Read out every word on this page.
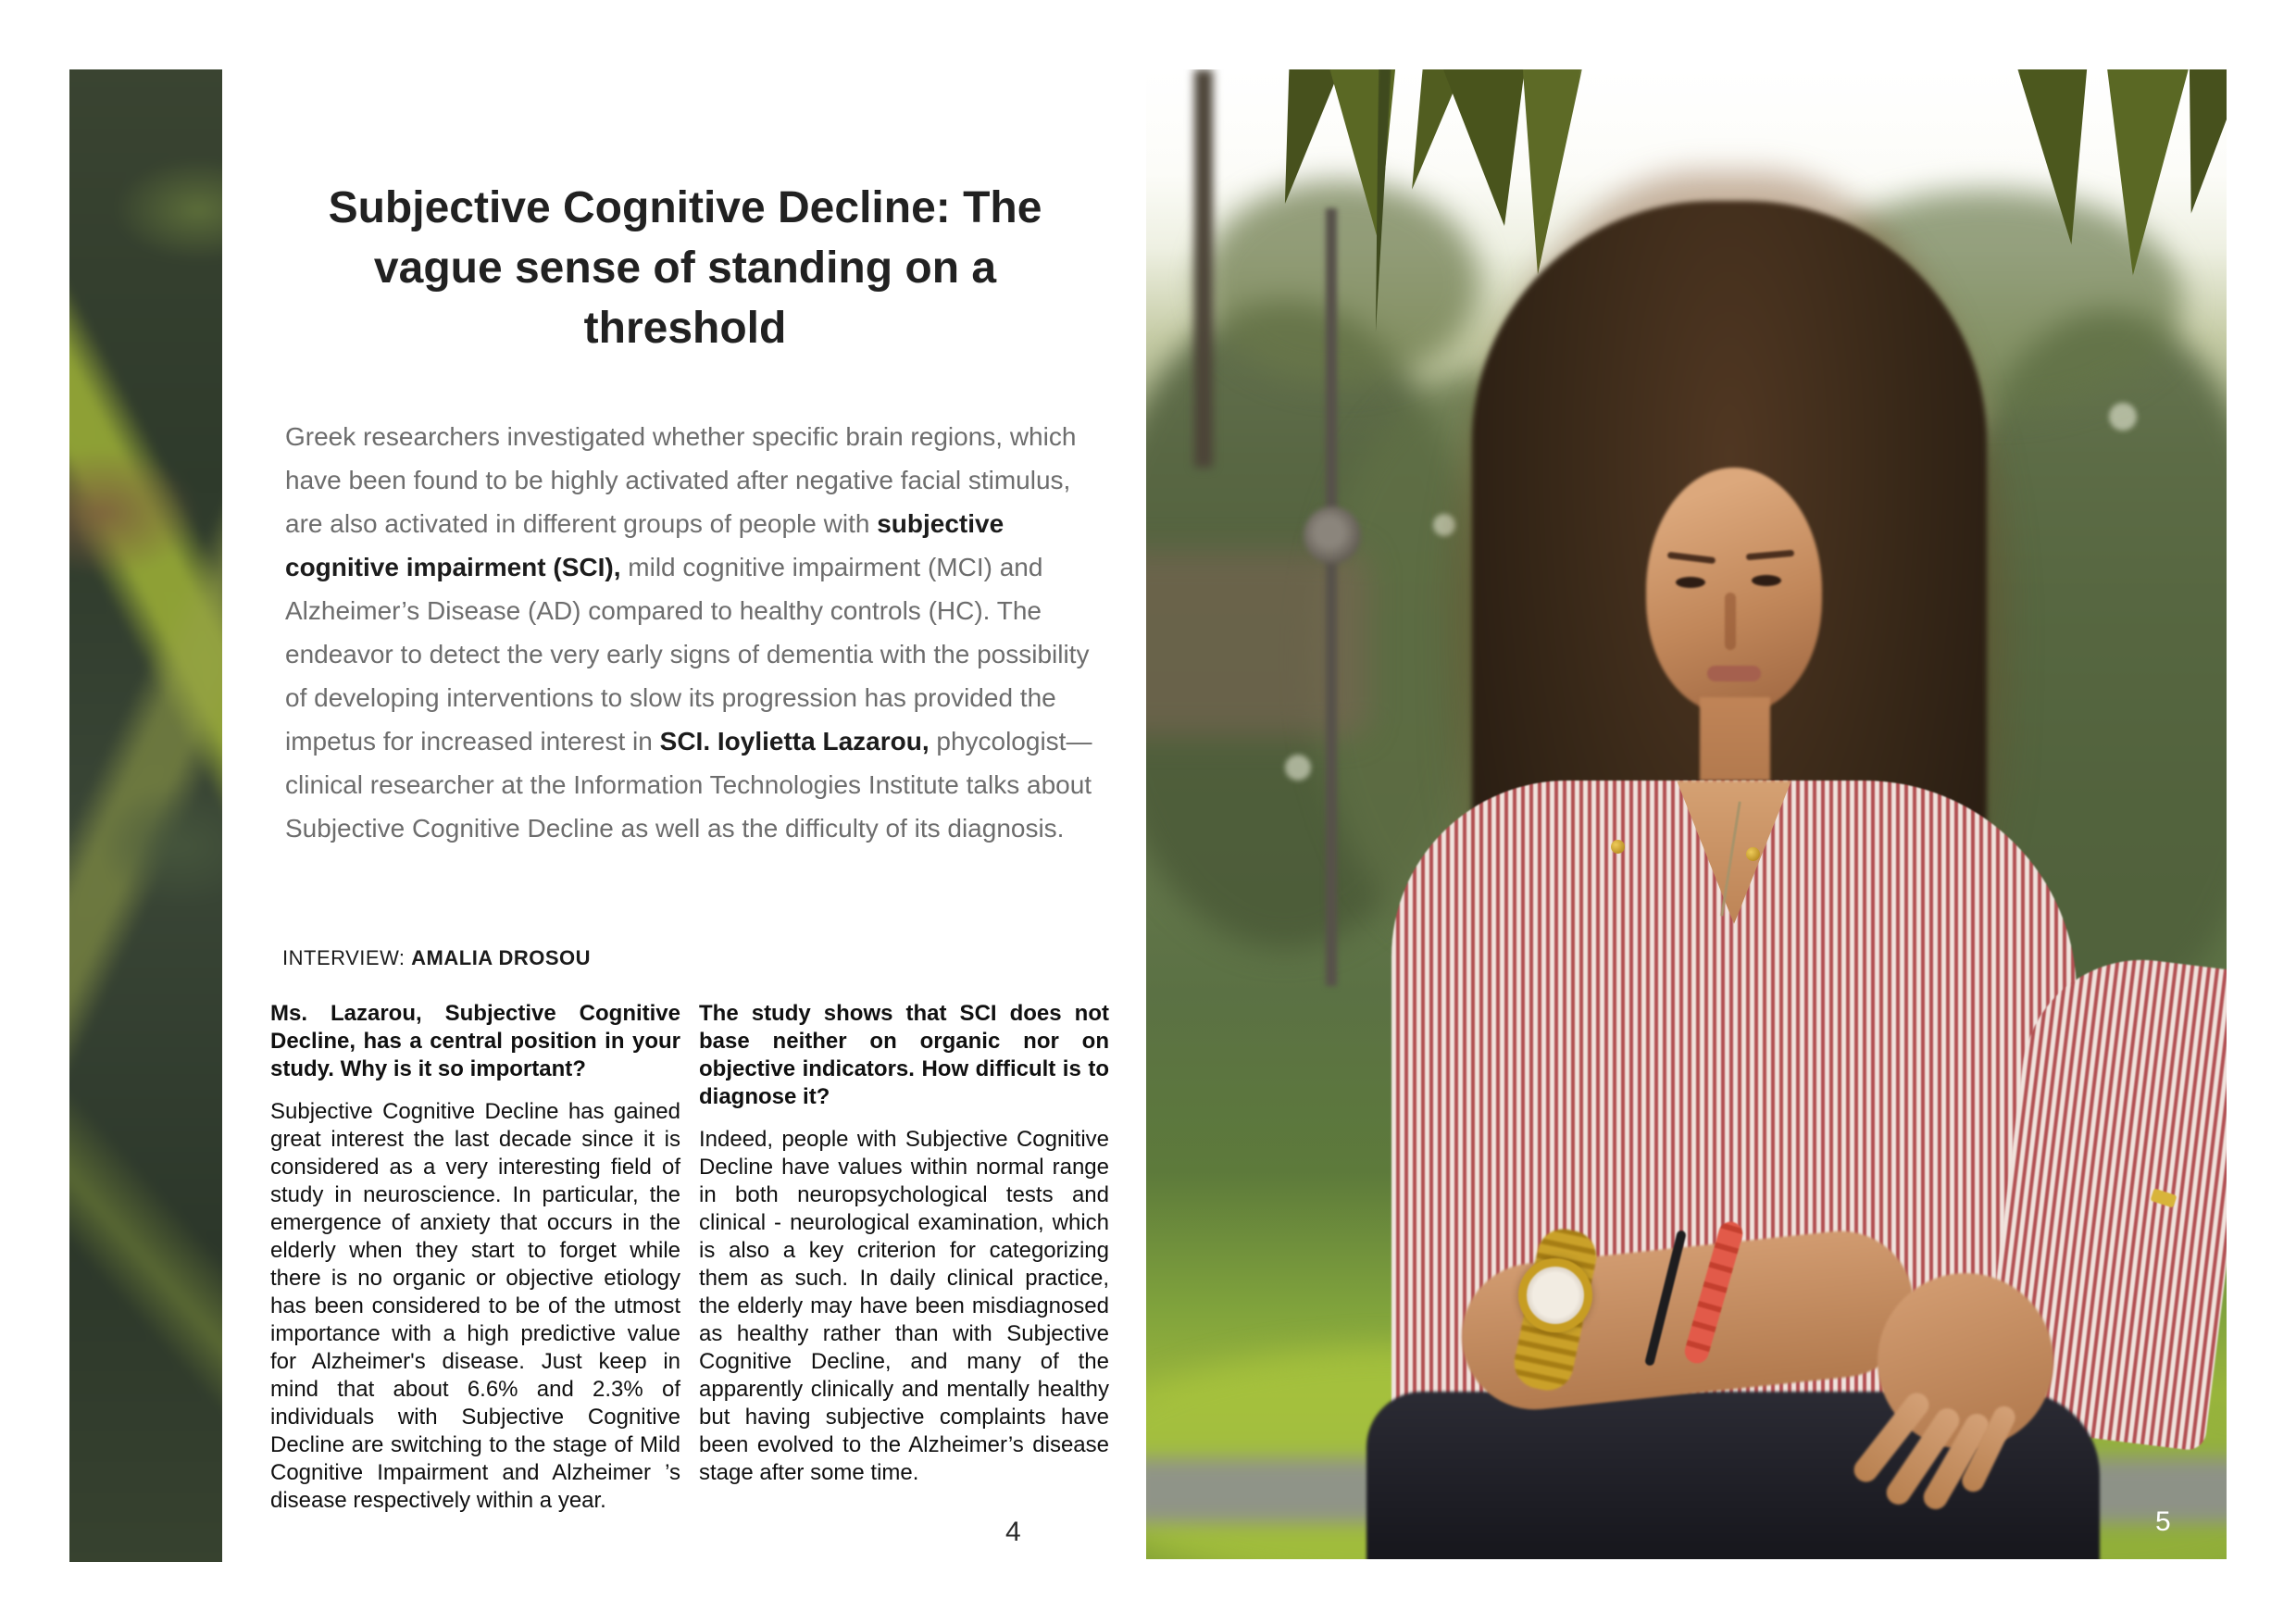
Subjective Cognitive Decline: The vague sense of standing on a threshold

Greek researchers investigated whether specific brain regions, which have been found to be highly activated after negative facial stimulus, are also activated in different groups of people with subjective cognitive impairment (SCI), mild cognitive impairment (MCI) and Alzheimer’s Disease (AD) compared to healthy controls (HC). The endeavor to detect the very early signs of dementia with the possibility of developing interventions to slow its progression has provided the impetus for increased interest in SCI. Ioylietta Lazarou, phycologist—clinical researcher at the Information Technologies Institute talks about Subjective Cognitive Decline as well as the difficulty of its diagnosis.

INTERVIEW: AMALIA DROSOU

Ms. Lazarou, Subjective Cognitive Decline, has a central position in your study. Why is it so important?

Subjective Cognitive Decline has gained great interest the last decade since it is considered as a very interesting field of study in neuroscience. In particular, the emergence of anxiety that occurs in the elderly when they start to forget while there is no organic or objective etiology has been considered to be of the utmost importance with a high predictive value for Alzheimer's disease. Just keep in mind that about 6.6% and 2.3% of individuals with Subjective Cognitive Decline are switching to the stage of Mild Cognitive Impairment and Alzheimer ’s disease respectively within a year.

The study shows that SCI does not base neither on organic nor on objective indicators. How difficult is to diagnose it?

Indeed, people with Subjective Cognitive Decline have values within normal range in both neuropsychological tests and clinical - neurological examination, which is also a key criterion for categorizing them as such. In daily clinical practice, the elderly may have been misdiagnosed as healthy rather than with Subjective Cognitive Decline, and many of the apparently clinically and mentally healthy but having subjective complaints have been evolved to the Alzheimer’s disease stage after some time.

4	5
